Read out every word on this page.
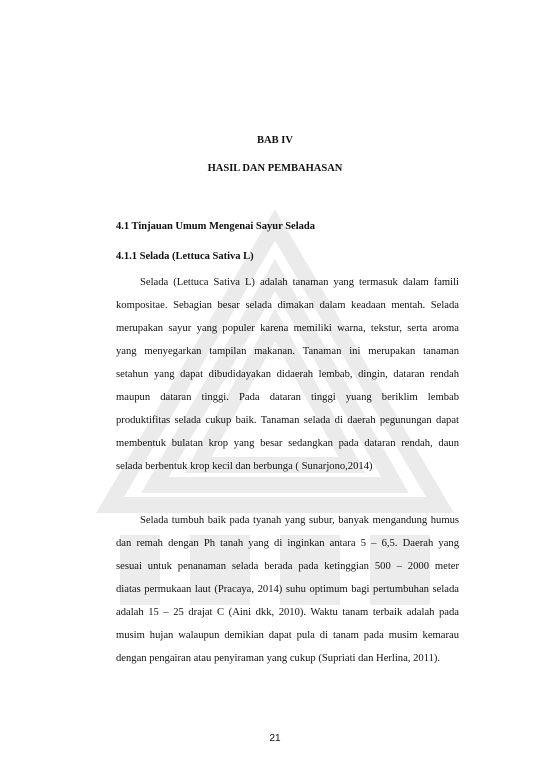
BAB IV
HASIL DAN PEMBAHASAN
4.1 Tinjauan Umum Mengenai Sayur Selada
4.1.1 Selada (Lettuca Sativa L)
Selada (Lettuca Sativa L) adalah tanaman yang termasuk dalam famili
kompositae. Sebagian besar selada dimakan dalam keadaan mentah. Selada
merupakan sayur yang populer karena memiliki warna, tekstur, serta aroma
yang menyegarkan tampilan makanan. Tanaman ini merupakan tanaman
setahun yang dapat dibudidayakan didaerah lembab, dingin, dataran rendah
maupun dataran tinggi. Pada dataran tinggi yuang beriklim lembab
produktifitas selada cukup baik. Tanaman selada di daerah pegunungan dapat
membentuk bulatan krop yang besar sedangkan pada dataran rendah, daun
selada berbentuk krop kecil dan berbunga ( Sunarjono,2014)
Selada tumbuh baik pada tyanah yang subur, banyak mengandung humus
dan remah dengan Ph tanah yang di inginkan antara 5 – 6,5. Daerah yang
sesuai untuk penanaman selada berada pada ketinggian 500 – 2000 meter
diatas permukaan laut (Pracaya, 2014) suhu optimum bagi pertumbuhan selada
adalah 15 – 25 drajat C (Aini dkk, 2010). Waktu tanam terbaik adalah pada
musim hujan walaupun demikian dapat pula di tanam pada musim kemarau
dengan pengairan atau penyiraman yang cukup (Supriati dan Herlina, 2011).
21
